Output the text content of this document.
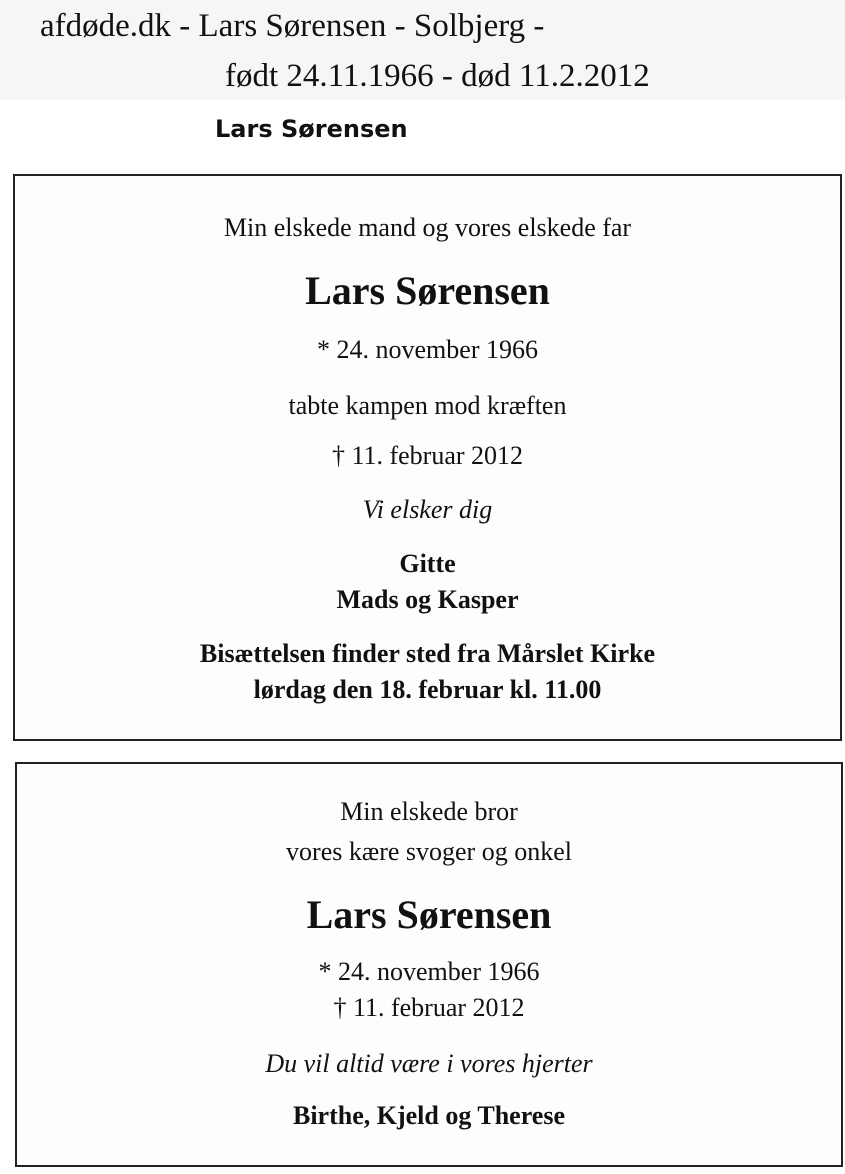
afdøde.dk - Lars Sørensen - Solbjerg -
født 24.11.1966 - død 11.2.2012
Lars Sørensen
Min elskede mand og vores elskede far
Lars Sørensen
* 24. november 1966
tabte kampen mod kræften
† 11. februar 2012
Vi elsker dig
Gitte
Mads og Kasper
Bisættelsen finder sted fra Mårslet Kirke
lørdag den 18. februar kl. 11.00
Min elskede bror
vores kære svoger og onkel
Lars Sørensen
* 24. november 1966
† 11. februar 2012
Du vil altid være i vores hjerter
Birthe, Kjeld og Therese
